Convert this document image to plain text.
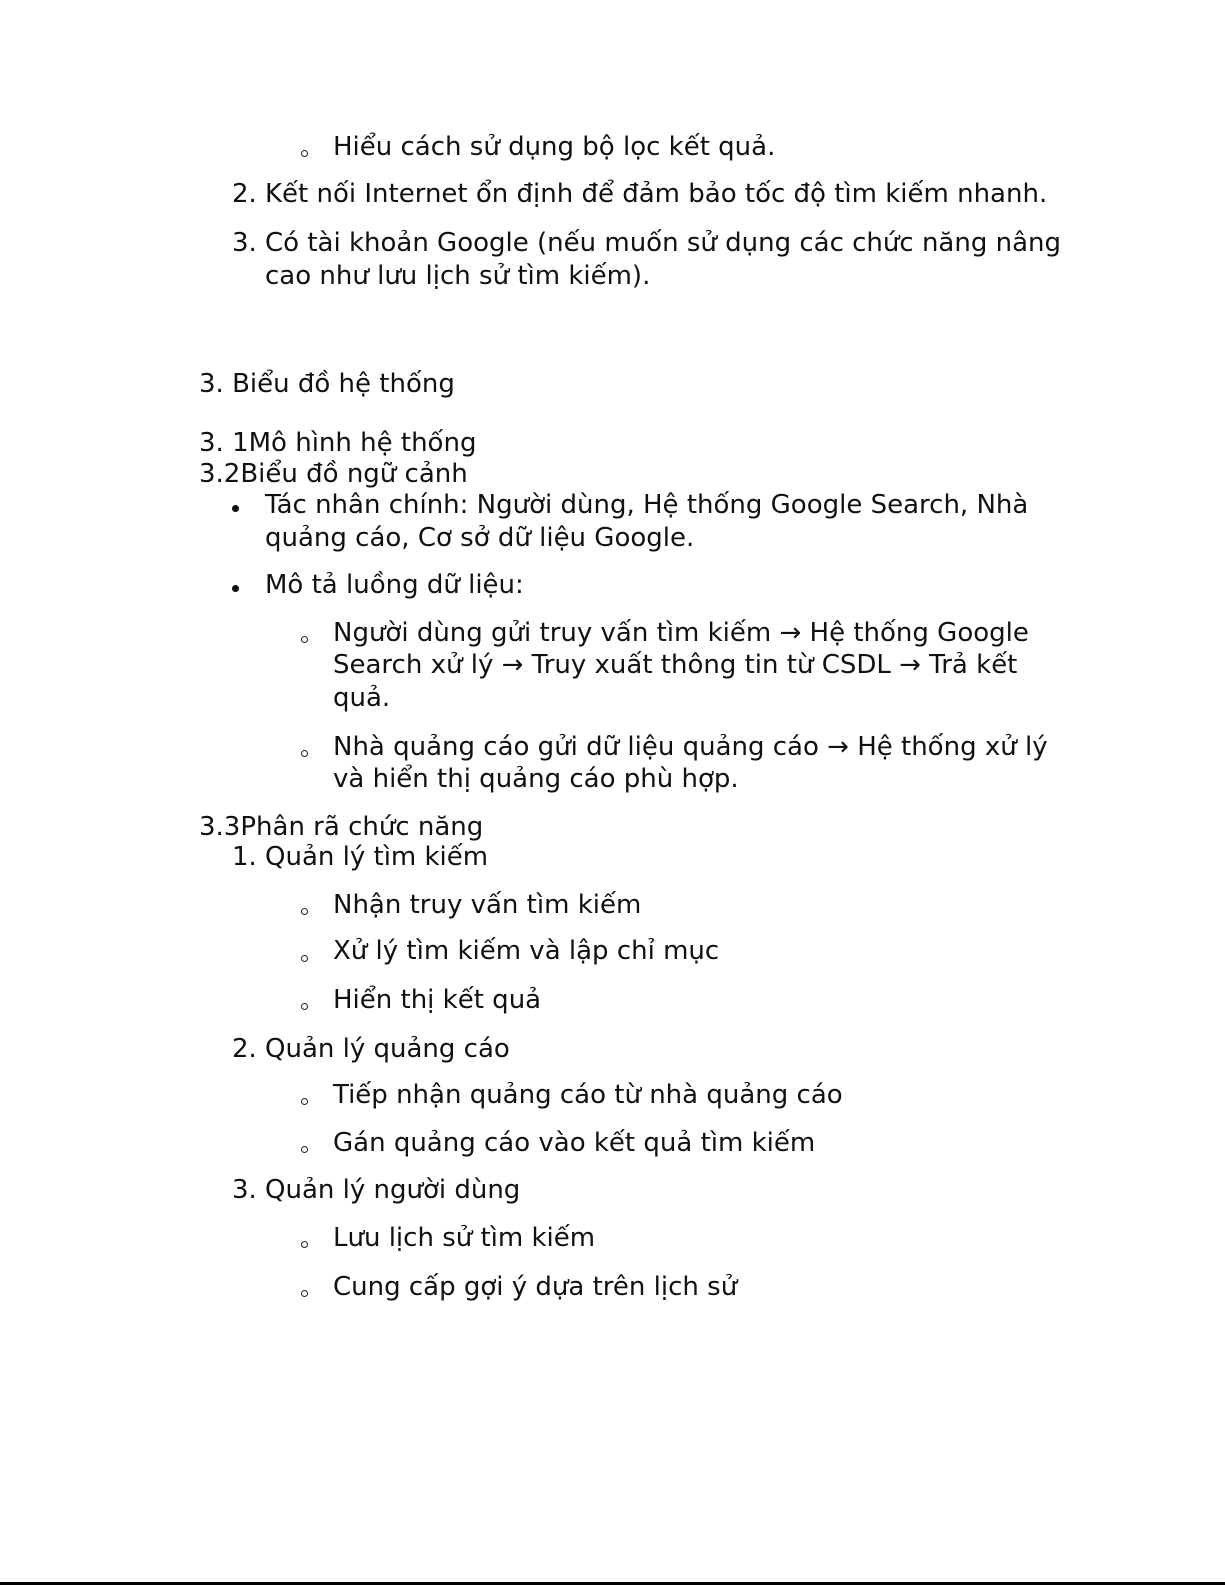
Hiểu cách sử dụng bộ lọc kết quả.
2. Kết nối Internet ổn định để đảm bảo tốc độ tìm kiếm nhanh.
3. Có tài khoản Google (nếu muốn sử dụng các chức năng nâng
cao như lưu lịch sử tìm kiếm).
3. Biểu đồ hệ thống
3. 1Mô hình hệ thống
3.2Biểu đồ ngữ cảnh
Tác nhân chính: Người dùng, Hệ thống Google Search, Nhà
quảng cáo, Cơ sở dữ liệu Google.
Mô tả luồng dữ liệu:
Người dùng gửi truy vấn tìm kiếm → Hệ thống Google
Search xử lý → Truy xuất thông tin từ CSDL → Trả kết
quả.
Nhà quảng cáo gửi dữ liệu quảng cáo → Hệ thống xử lý
và hiển thị quảng cáo phù hợp.
3.3Phân rã chức năng
1. Quản lý tìm kiếm
Nhận truy vấn tìm kiếm
Xử lý tìm kiếm và lập chỉ mục
Hiển thị kết quả
2. Quản lý quảng cáo
Tiếp nhận quảng cáo từ nhà quảng cáo
Gán quảng cáo vào kết quả tìm kiếm
3. Quản lý người dùng
Lưu lịch sử tìm kiếm
Cung cấp gợi ý dựa trên lịch sử
